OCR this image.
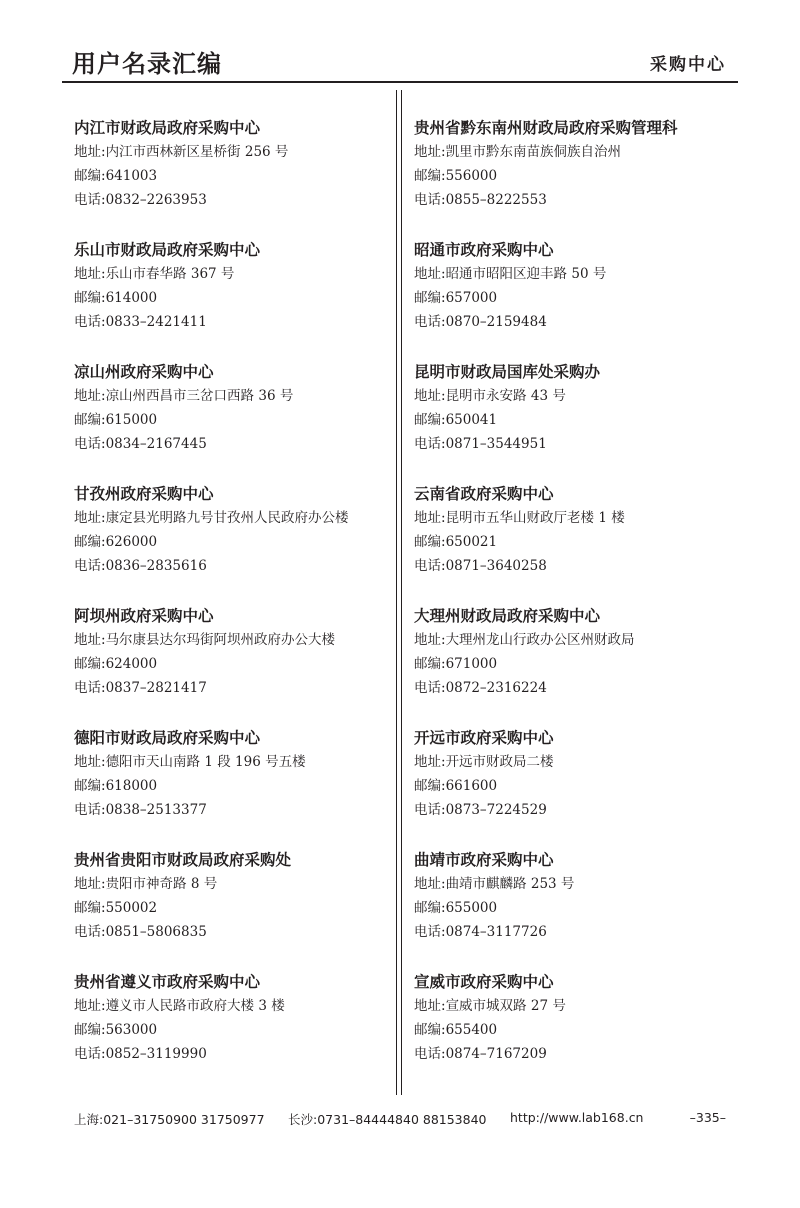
用户名录汇编	采购中心
内江市财政局政府采购中心
地址:内江市西林新区星桥街 256 号
邮编:641003
电话:0832–2263953
乐山市财政局政府采购中心
地址:乐山市春华路 367 号
邮编:614000
电话:0833–2421411
凉山州政府采购中心
地址:凉山州西昌市三岔口西路 36 号
邮编:615000
电话:0834–2167445
甘孜州政府采购中心
地址:康定县光明路九号甘孜州人民政府办公楼
邮编:626000
电话:0836–2835616
阿坝州政府采购中心
地址:马尔康县达尔玛街阿坝州政府办公大楼
邮编:624000
电话:0837–2821417
德阳市财政局政府采购中心
地址:德阳市天山南路 1 段 196 号五楼
邮编:618000
电话:0838–2513377
贵州省贵阳市财政局政府采购处
地址:贵阳市神奇路 8 号
邮编:550002
电话:0851–5806835
贵州省遵义市政府采购中心
地址:遵义市人民路市政府大楼 3 楼
邮编:563000
电话:0852–3119990
贵州省黔东南州财政局政府采购管理科
地址:凯里市黔东南苗族侗族自治州
邮编:556000
电话:0855–8222553
昭通市政府采购中心
地址:昭通市昭阳区迎丰路 50 号
邮编:657000
电话:0870–2159484
昆明市财政局国库处采购办
地址:昆明市永安路 43 号
邮编:650041
电话:0871–3544951
云南省政府采购中心
地址:昆明市五华山财政厅老楼 1 楼
邮编:650021
电话:0871–3640258
大理州财政局政府采购中心
地址:大理州龙山行政办公区州财政局
邮编:671000
电话:0872–2316224
开远市政府采购中心
地址:开远市财政局二楼
邮编:661600
电话:0873–7224529
曲靖市政府采购中心
地址:曲靖市麒麟路 253 号
邮编:655000
电话:0874–3117726
宣威市政府采购中心
地址:宣威市城双路 27 号
邮编:655400
电话:0874–7167209
上海:021–31750900 31750977 长沙:0731–84444840 88153840 http://www.lab168.cn	–335–
